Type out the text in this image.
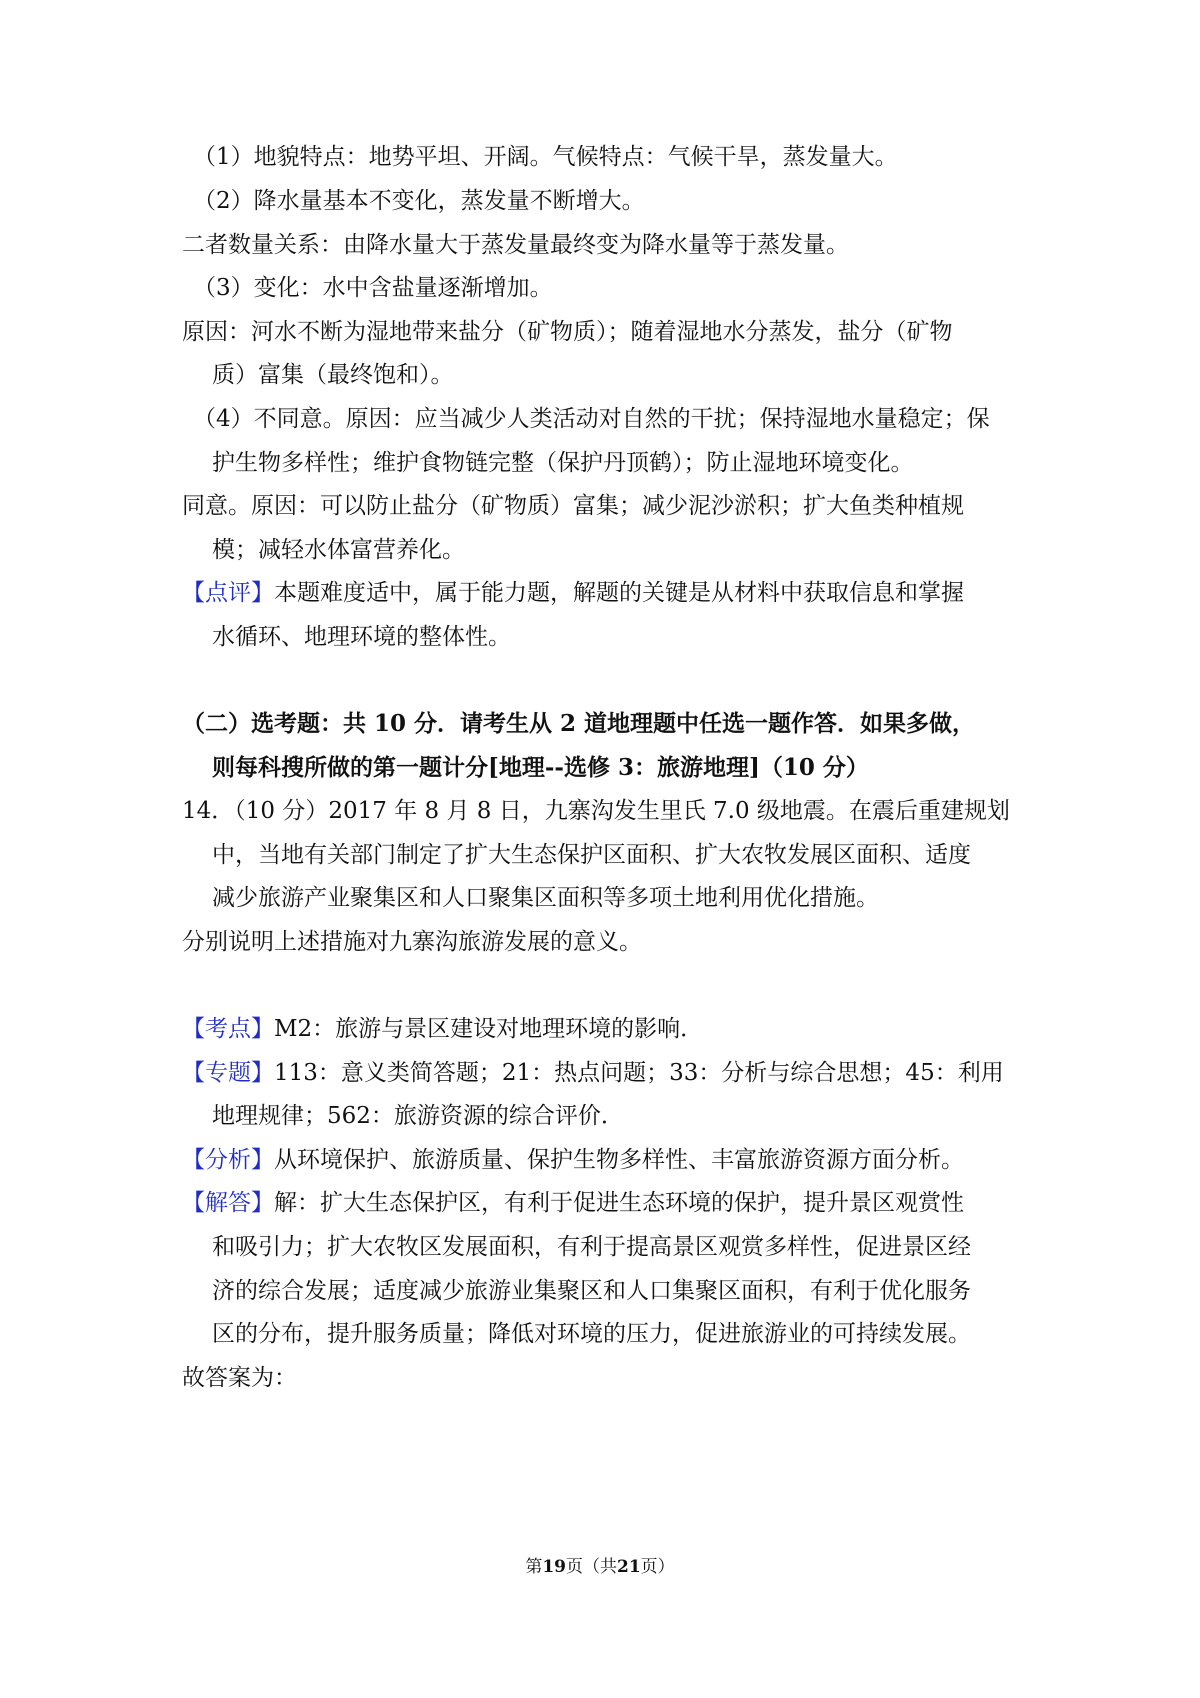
（1）地貌特点：地势平坦、开阔。气候特点：气候干旱，蒸发量大。
（2）降水量基本不变化，蒸发量不断增大。
二者数量关系：由降水量大于蒸发量最终变为降水量等于蒸发量。
（3）变化：水中含盐量逐渐增加。
原因：河水不断为湿地带来盐分（矿物质）；随着湿地水分蒸发，盐分（矿物
质）富集（最终饱和）。
（4）不同意。原因：应当减少人类活动对自然的干扰；保持湿地水量稳定；保
护生物多样性；维护食物链完整（保护丹顶鹤）；防止湿地环境变化。
同意。原因：可以防止盐分（矿物质）富集；减少泥沙淤积；扩大鱼类种植规
模；减轻水体富营养化。
【点评】本题难度适中，属于能力题，解题的关键是从材料中获取信息和掌握
水循环、地理环境的整体性。
（二）选考题：共 10 分．请考生从 2 道地理题中任选一题作答．如果多做，
则每科搜所做的第一题计分[地理--选修 3：旅游地理]（10 分）
14．（10 分）2017 年 8 月 8 日，九寨沟发生里氏 7.0 级地震。在震后重建规划
中，当地有关部门制定了扩大生态保护区面积、扩大农牧发展区面积、适度
减少旅游产业聚集区和人口聚集区面积等多项土地利用优化措施。
分别说明上述措施对九寨沟旅游发展的意义。
【考点】M2：旅游与景区建设对地理环境的影响．
【专题】113：意义类简答题；21：热点问题；33：分析与综合思想；45：利用
地理规律；562：旅游资源的综合评价．
【分析】从环境保护、旅游质量、保护生物多样性、丰富旅游资源方面分析。
【解答】解：扩大生态保护区，有利于促进生态环境的保护，提升景区观赏性
和吸引力；扩大农牧区发展面积，有利于提高景区观赏多样性，促进景区经
济的综合发展；适度减少旅游业集聚区和人口集聚区面积，有利于优化服务
区的分布，提升服务质量；降低对环境的压力，促进旅游业的可持续发展。
故答案为：
第19页（共21页）
